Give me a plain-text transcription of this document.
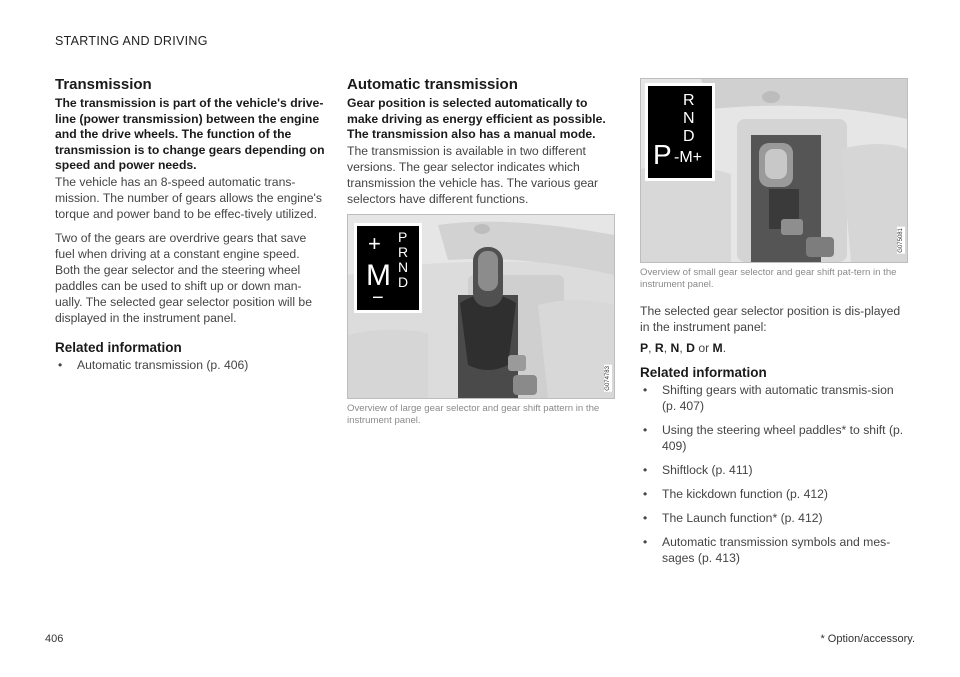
STARTING AND DRIVING
Transmission

The transmission is part of the vehicle's drive-line (power transmission) between the engine and the drive wheels. The function of the transmission is to change gears depending on speed and power needs.

The vehicle has an 8-speed automatic trans-mission. The number of gears allows the engine's torque and power band to be effec-tively utilized.

Two of the gears are overdrive gears that save fuel when driving at a constant engine speed. Both the gear selector and the steering wheel paddles can be used to shift up or down man-ually. The selected gear selector position will be displayed in the instrument panel.

Related information
• Automatic transmission (p. 406)
Automatic transmission

Gear position is selected automatically to make driving as energy efficient as possible. The transmission also has a manual mode.

The transmission is available in two different versions. The gear selector indicates which transmission the vehicle has. The various gear selectors have different functions.

+
M
−
P
R
N
D
G074783
Overview of large gear selector and gear shift pattern in the instrument panel.
R
N
D
P -M+
G075081
Overview of small gear selector and gear shift pat-tern in the instrument panel.

The selected gear selector position is dis-played in the instrument panel:

P, R, N, D or M.
Related information
• Shifting gears with automatic transmis-sion (p. 407)
• Using the steering wheel paddles* to shift (p. 409)
• Shiftlock (p. 411)
• The kickdown function (p. 412)
• The Launch function* (p. 412)
• Automatic transmission symbols and mes-sages (p. 413)
406	* Option/accessory.
